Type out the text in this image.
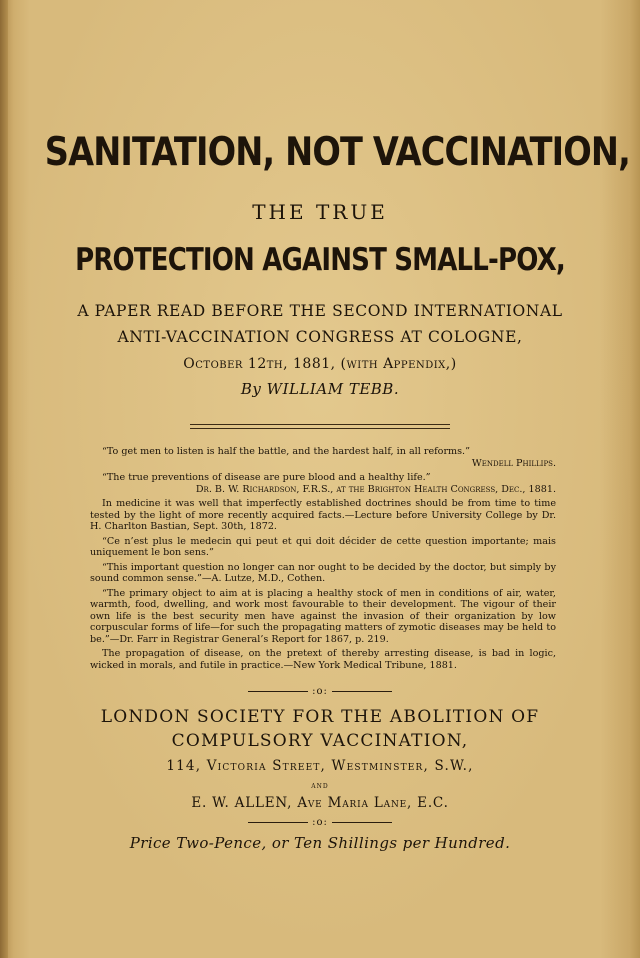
SANITATION, NOT VACCINATION,
THE TRUE
PROTECTION AGAINST SMALL-POX,
A PAPER READ BEFORE THE SECOND INTERNATIONAL
ANTI-VACCINATION CONGRESS AT COLOGNE,
October 12th, 1881, (with Appendix,)
By WILLIAM TEBB.

“To get men to listen is half the battle, and the hardest half, in all reforms.”
Wendell Phillips.

“The true preventions of disease are pure blood and a healthy life.”
Dr. B. W. Richardson, F.R.S., at the Brighton Health Congress, Dec., 1881.

In medicine it was well that imperfectly established doctrines should be from time to time tested by the light of more recently acquired facts.—Lecture before University College by Dr. H. Charlton Bastian, Sept. 30th, 1872.

“Ce n’est plus le medecin qui peut et qui doit décider de cette question importante; mais uniquement le bon sens.”

“This important question no longer can nor ought to be decided by the doctor, but simply by sound common sense.”—A. Lutze, M.D., Cothen.

“The primary object to aim at is placing a healthy stock of men in conditions of air, water, warmth, food, dwelling, and work most favourable to their development. The vigour of their own life is the best security men have against the invasion of their organization by low corpuscular forms of life—for such the propagating matters of zymotic diseases may be held to be.”—Dr. Farr in Registrar General’s Report for 1867, p. 219.

The propagation of disease, on the pretext of thereby arresting disease, is bad in logic, wicked in morals, and futile in practice.—New York Medical Tribune, 1881.

:o:
LONDON SOCIETY FOR THE ABOLITION OF
COMPULSORY VACCINATION,
114, Victoria Street, Westminster, S.W.,
and
E. W. ALLEN, Ave Maria Lane, E.C.
:o:
Price Two-Pence, or Ten Shillings per Hundred.
